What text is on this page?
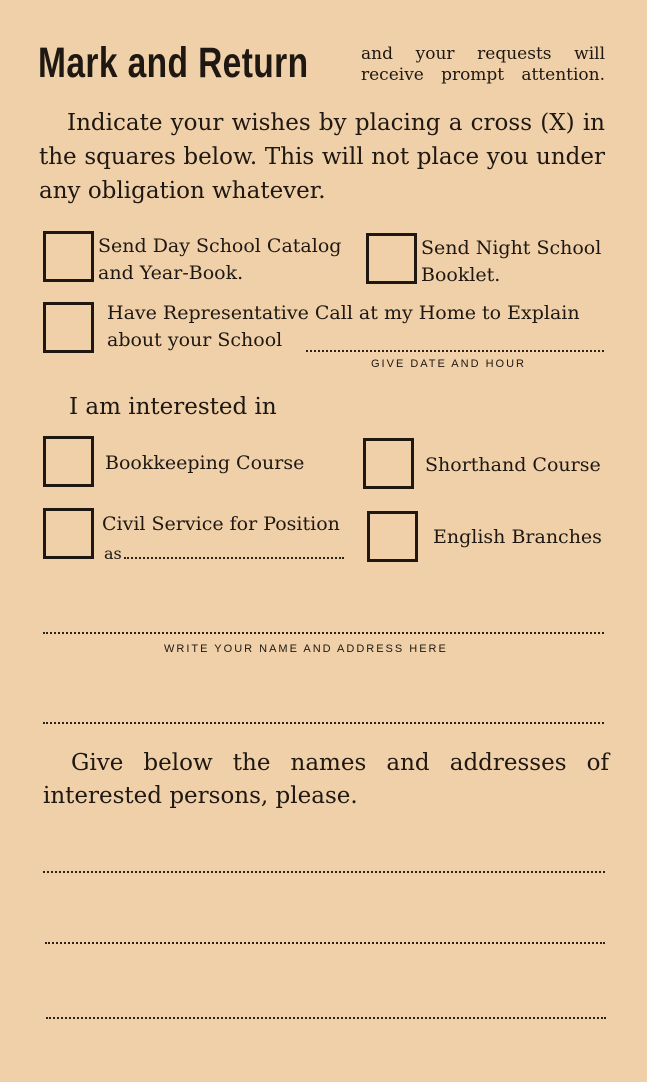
Mark and Return	and your requests will receive prompt attention.
Indicate your wishes by placing a cross (X) in the squares below. This will not place you under any obligation whatever.
Send Day School Catalog
and Year-Book.
Send Night School
Booklet.
Have Representative Call at my Home to Explain
about your School
GIVE DATE AND HOUR
I am interested in
Bookkeeping Course	Shorthand Course
Civil Service for Position
as
English Branches
WRITE YOUR NAME AND ADDRESS HERE
Give below the names and addresses of interested persons, please.
